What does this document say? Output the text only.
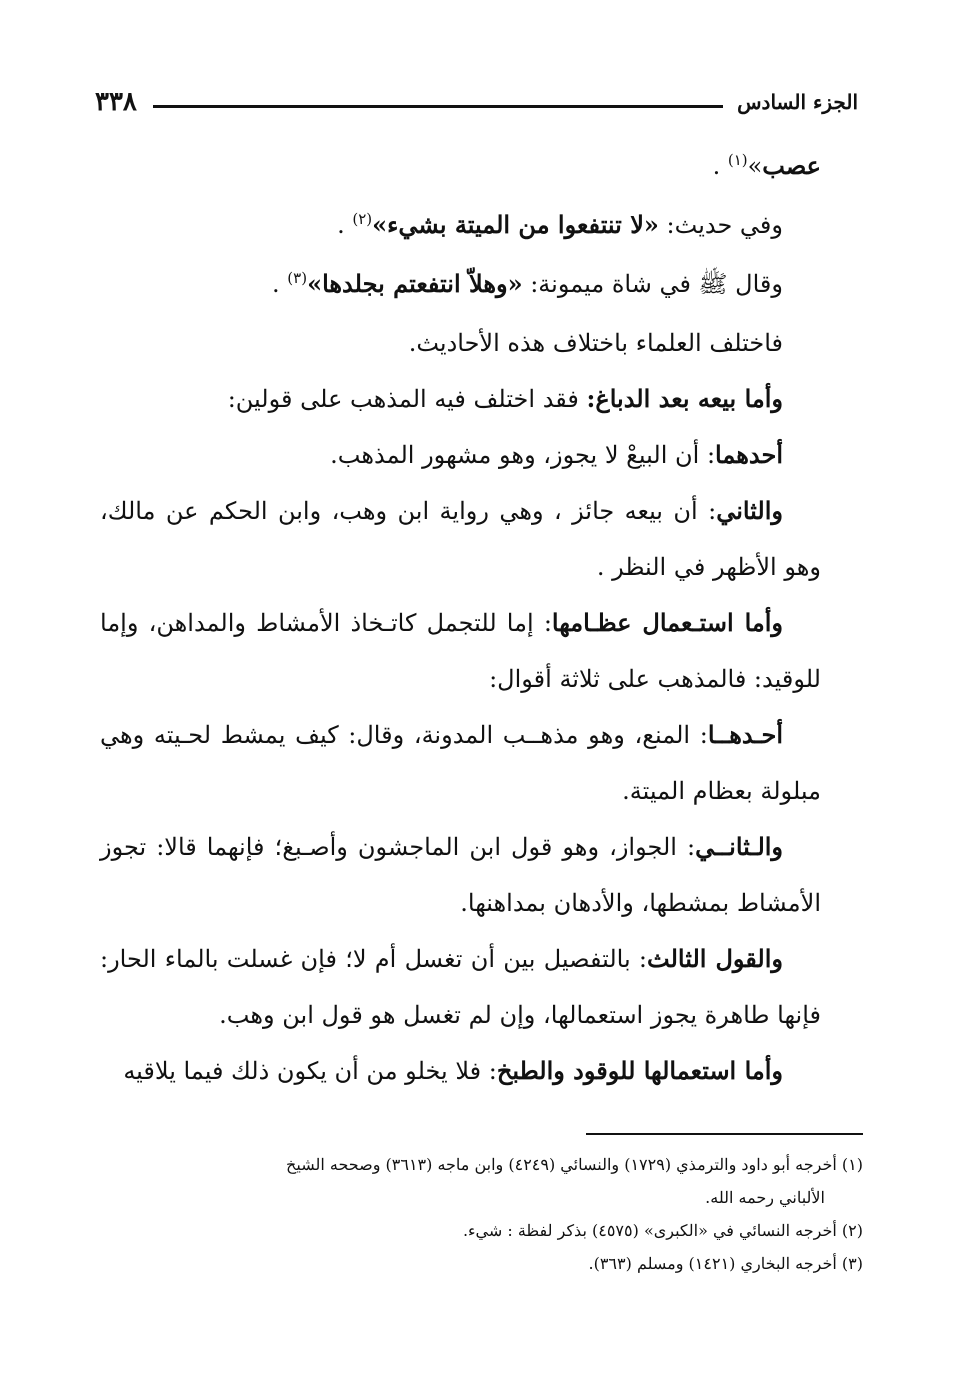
٣٣٨	الجزء السادس

عصب»$^{(١)}$ .

وفي حديث: «لا تنتفعوا من الميتة بشيء»$^{(٢)}$ .

وقال ﷺ في شاة ميمونة: «وهلاّ انتفعتم بجلدها»$^{(٣)}$ .

فاختلف العلماء باختلاف هذه الأحاديث.

وأما بيعه بعد الدباغ: فقد اختلف فيه المذهب على قولين:

أحدهما: أن البيعْ لا يجوز، وهو مشهور المذهب.

والثاني: أن بيعه جائز ، وهي رواية ابن وهب، وابن الحكم عن مالك، وهو الأظهر في النظر .

وأما استـعمال عظـامها: إما للتجمل كاتـخاذ الأمشاط والمداهن، وإما للوقيد: فالمذهب على ثلاثة أقوال:

أحـدهــا: المنع، وهو مذهــب المدونة، وقال: كيف يمشط لحـيته وهي مبلولة بعظام الميتة.

والـثانــي: الجواز، وهو قول ابن الماجشون وأصـبغ؛ فإنهما قالا: تجوز الأمشاط بمشطها، والأدهان بمداهنها.

والقول الثالث: بالتفصيل بين أن تغسل أم لا؛ فإن غسلت بالماء الحار: فإنها طاهرة يجوز استعمالها، وإن لم تغسل هو قول ابن وهب.

وأما استعمالها للوقود والطبخ: فلا يخلو من أن يكون ذلك فيما يلاقيه

(١) أخرجه أبو داود والترمذي (١٧٢٩) والنسائي (٤٢٤٩) وابن ماجه (٣٦١٣) وصححه الشيخ
الألباني رحمه الله.

(٢) أخرجه النسائي في «الكبرى» (٤٥٧٥) بذكر لفظة : شيء.

(٣) أخرجه البخاري (١٤٢١) ومسلم (٣٦٣).
